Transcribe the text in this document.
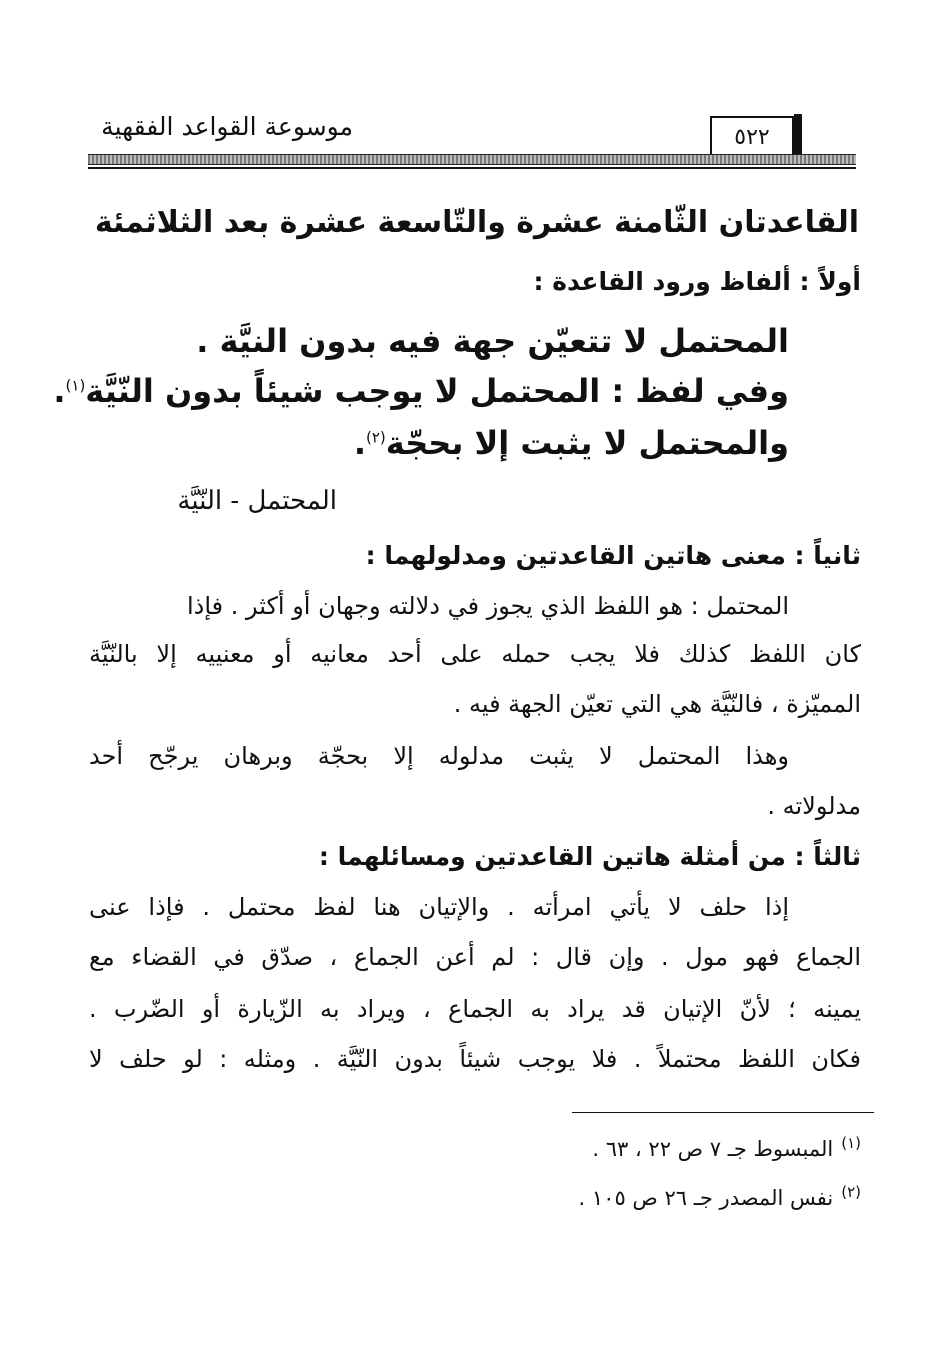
موسوعة القواعد الفقهية	٥٢٢
القاعدتان الثّامنة عشرة والتّاسعة عشرة بعد الثلاثمئة
أولاً : ألفاظ ورود القاعدة :
المحتمل لا تتعيّن جهة فيه بدون النيَّة .
وفي لفظ : المحتمل لا يوجب شيئاً بدون النّيَّة$^{(١)}$.
والمحتمل لا يثبت إلا بحجّة$^{(٢)}$.
المحتمل - النّيَّة
ثانياً : معنى هاتين القاعدتين ومدلولهما :
المحتمل : هو اللفظ الذي يجوز في دلالته وجهان أو أكثر . فإذا
كان اللفظ كذلك فلا يجب حمله على أحد معانيه أو معنييه إلا بالنّيَّة
المميّزة ، فالنّيَّة هي التي تعيّن الجهة فيه .
وهذا المحتمل لا يثبت مدلوله إلا بحجّة وبرهان يرجّح أحد
مدلولاته .
ثالثاً : من أمثلة هاتين القاعدتين ومسائلهما :
إذا حلف لا يأتي امرأته . والإتيان هنا لفظ محتمل . فإذا عنى
الجماع فهو مول . وإن قال : لم أعن الجماع ، صدّق في القضاء مع
يمينه ؛ لأنّ الإتيان قد يراد به الجماع ، ويراد به الزّيارة أو الضّرب .
فكان اللفظ محتملاً . فلا يوجب شيئاً بدون النّيَّة . ومثله : لو حلف لا
$^{(١)}$المبسوط جـ ٧ ص ٢٢ ، ٦٣ .
$^{(٢)}$نفس المصدر جـ ٢٦ ص ١٠٥ .
